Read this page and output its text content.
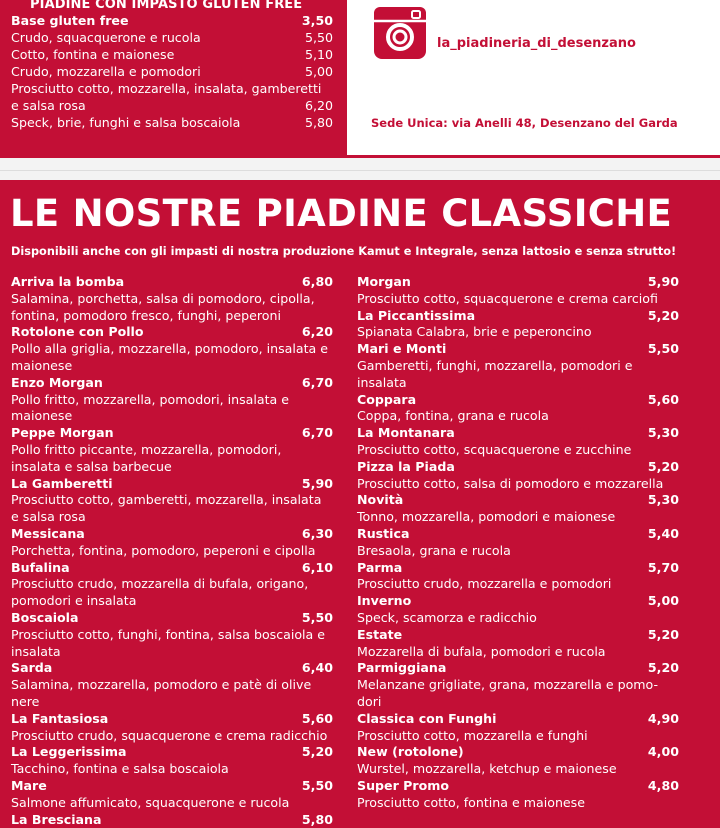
PIADINE CON IMPASTO GLUTEN FREE
Base gluten free	3,50
Crudo, squacquerone e rucola	5,50
Cotto, fontina e maionese	5,10
Crudo, mozzarella e pomodori	5,00
Prosciutto cotto, mozzarella, insalata, gamberetti
e salsa rosa	6,20
Speck, brie, funghi e salsa boscaiola	5,80
la_piadineria_di_desenzano
Sede Unica: via Anelli 48, Desenzano del Garda
LE NOSTRE PIADINE CLASSICHE
Disponibili anche con gli impasti di nostra produzione Kamut e Integrale, senza lattosio e senza strutto!
Arriva la bomba	6,80
Salamina, porchetta, salsa di pomodoro, cipolla, fontina, pomodoro fresco, funghi, peperoni
Rotolone con Pollo	6,20
Pollo alla griglia, mozzarella, pomodoro, insalata e maionese
Enzo Morgan	6,70
Pollo fritto, mozzarella, pomodori, insalata e maionese
Peppe Morgan	6,70
Pollo fritto piccante, mozzarella, pomodori, insalata e salsa barbecue
La Gamberetti	5,90
Prosciutto cotto, gamberetti, mozzarella, insalata e salsa rosa
Messicana	6,30
Porchetta, fontina, pomodoro, peperoni e cipolla
Bufalina	6,10
Prosciutto crudo, mozzarella di bufala, origano, pomodori e insalata
Boscaiola	5,50
Prosciutto cotto, funghi, fontina, salsa boscaiola e insalata
Sarda	6,40
Salamina, mozzarella, pomodoro e patè di olive nere
La Fantasiosa	5,60
Prosciutto crudo, squacquerone e crema radicchio
La Leggerissima	5,20
Tacchino, fontina e salsa boscaiola
Mare	5,50
Salmone affumicato, squacquerone e rucola
La Bresciana	5,80
Morgan	5,90
Prosciutto cotto, squacquerone e crema carciofi
La Piccantissima	5,20
Spianata Calabra, brie e peperoncino
Mari e Monti	5,50
Gamberetti, funghi, mozzarella, pomodori e insalata
Coppara	5,60
Coppa, fontina, grana e rucola
La Montanara	5,30
Prosciutto cotto, scquacquerone e zucchine
Pizza la Piada	5,20
Prosciutto cotto, salsa di pomodoro e mozzarella
Novità	5,30
Tonno, mozzarella, pomodori e maionese
Rustica	5,40
Bresaola, grana e rucola
Parma	5,70
Prosciutto crudo, mozzarella e pomodori
Inverno	5,00
Speck, scamorza e radicchio
Estate	5,20
Mozzarella di bufala, pomodori e rucola
Parmiggiana	5,20
Melanzane grigliate, grana, mozzarella e pomo-dori
Classica con Funghi	4,90
Prosciutto cotto, mozzarella e funghi
New (rotolone)	4,00
Wurstel, mozzarella, ketchup e maionese
Super Promo	4,80
Prosciutto cotto, fontina e maionese
